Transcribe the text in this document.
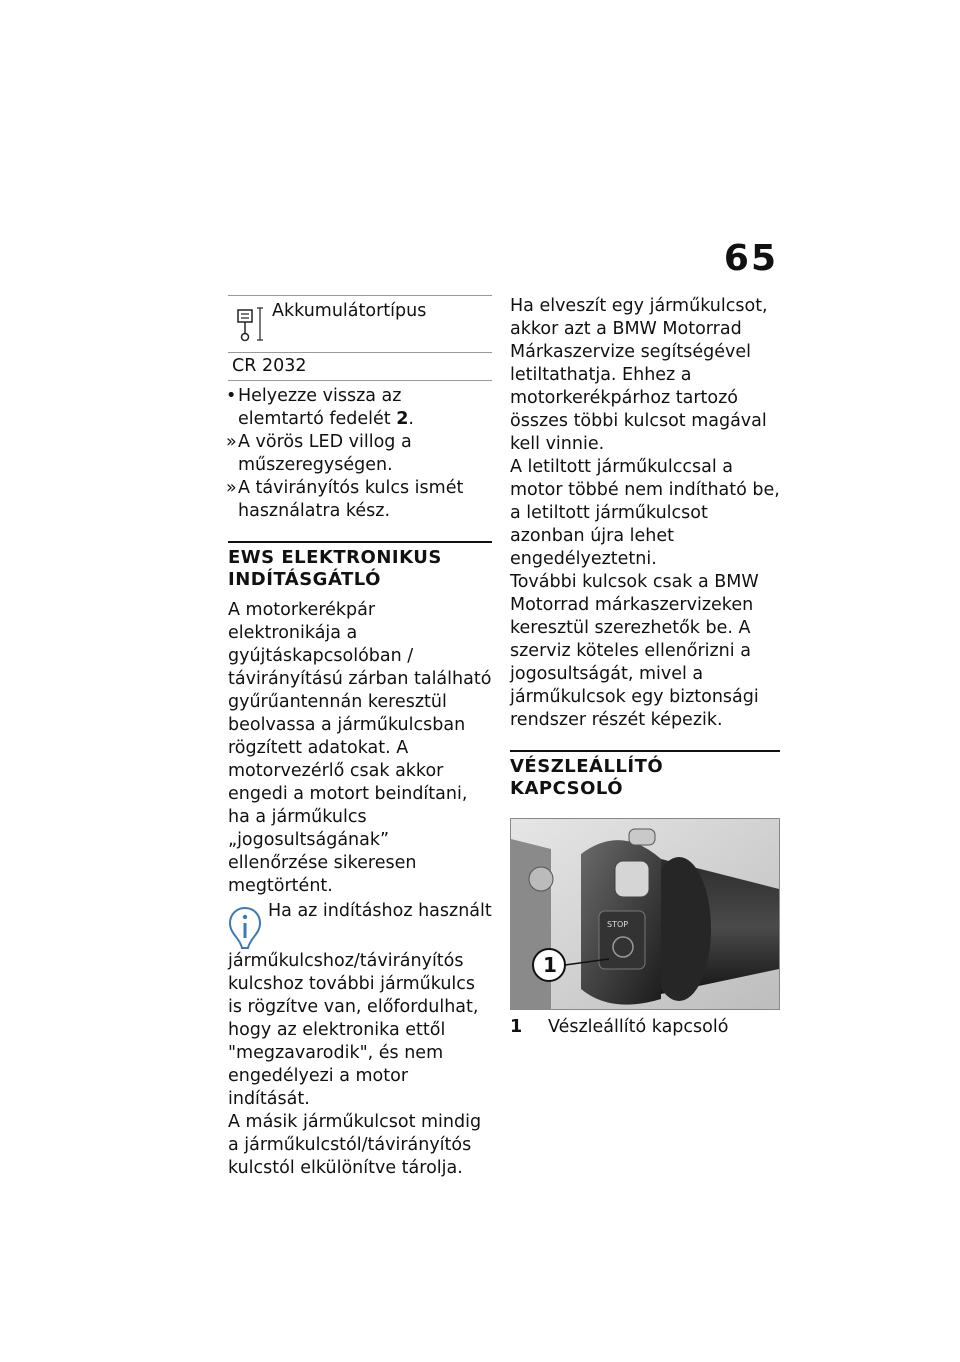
65
Akkumulátortípus

CR 2032
• Helyezze vissza az elemtartó fedelét 2.
» A vörös LED villog a műszeregységen.
» A távirányítós kulcs ismét használatra kész.
EWS ELEKTRONIKUS INDÍTÁSGÁTLÓ

A motorkerékpár elektronikája a gyújtáskapcsolóban / távirányítású zárban található gyűrűantennán keresztül beolvassa a járműkulcsban rögzített adatokat. A motorvezérlő csak akkor engedi a motort beindítani, ha a járműkulcs „jogosultságának” ellenőrzése sikeresen megtörtént.

Ha az indításhoz használt járműkulcshoz/távirányítós kulcshoz további járműkulcs is rögzítve van, előfordulhat, hogy az elektronika ettől "megzavarodik", és nem engedélyezi a motor indítását.

A másik járműkulcsot mindig a járműkulcstól/távirányítós kulcstól elkülönítve tárolja.

Ha elveszít egy járműkulcsot, akkor azt a BMW Motorrad Márkaszervize segítségével letiltathatja. Ehhez a motorkerékpárhoz tartozó összes többi kulcsot magával kell vinnie.

A letiltott járműkulccsal a motor többé nem indítható be, a letiltott járműkulcsot azonban újra lehet engedélyeztetni.

További kulcsok csak a BMW Motorrad márkaszervizeken keresztül szerezhetők be. A szerviz köteles ellenőrizni a jogosultságát, mivel a járműkulcsok egy biztonsági rendszer részét képezik.

VÉSZLEÁLLÍTÓ KAPCSOLÓ
STOP
1
1 Vészleállító kapcsoló
